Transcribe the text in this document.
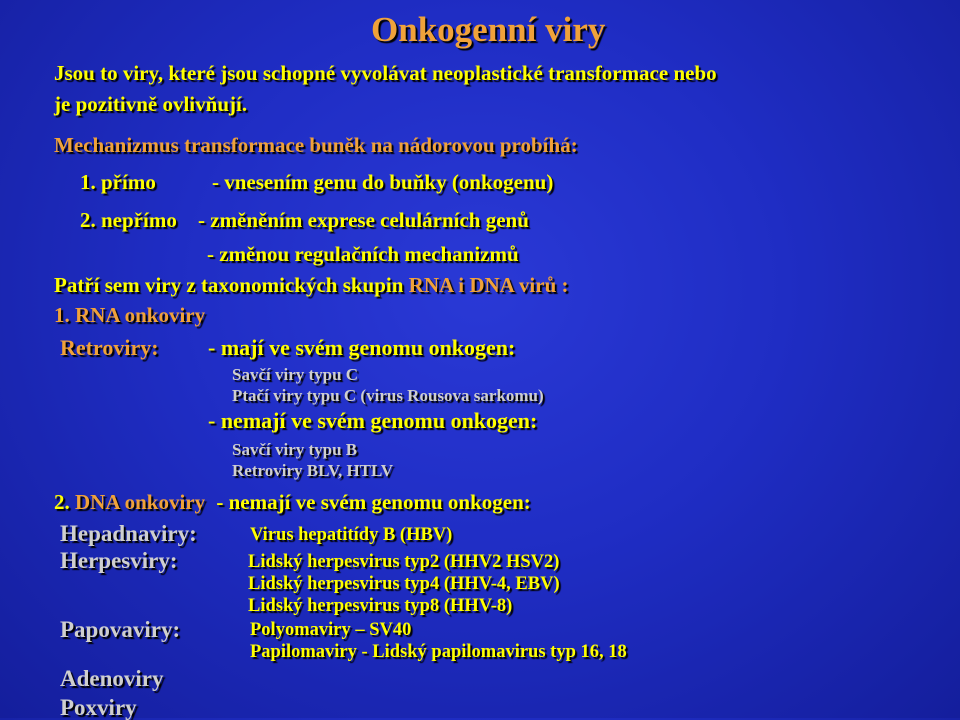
Onkogenní viry
Jsou to viry, které jsou schopné vyvolávat neoplastické transformace nebo
je pozitivně ovlivňují.
Mechanizmus transformace buněk na nádorovou probíhá:
1. přímo	- vnesením genu do buňky (onkogenu)
2. nepřímo - změněním exprese celulárních genů
- změnou regulačních mechanizmů
Patří sem viry z taxonomických skupin RNA i DNA virů :
1. RNA onkoviry
Retroviry: - mají ve svém genomu onkogen:
Savčí viry typu C
Ptačí viry typu C (virus Rousova sarkomu)
- nemají ve svém genomu onkogen:
Savčí viry typu B
Retroviry BLV, HTLV
2. DNA onkoviry - nemají ve svém genomu onkogen:
Hepadnaviry:	Virus hepatitídy B (HBV)
Herpesviry:	Lidský herpesvirus typ2 (HHV2 HSV2)
Lidský herpesvirus typ4 (HHV-4, EBV)
Lidský herpesvirus typ8 (HHV-8)
Papovaviry:	Polyomaviry – SV40
Papilomaviry - Lidský papilomavirus typ 16, 18
Adenoviry
Poxviry
